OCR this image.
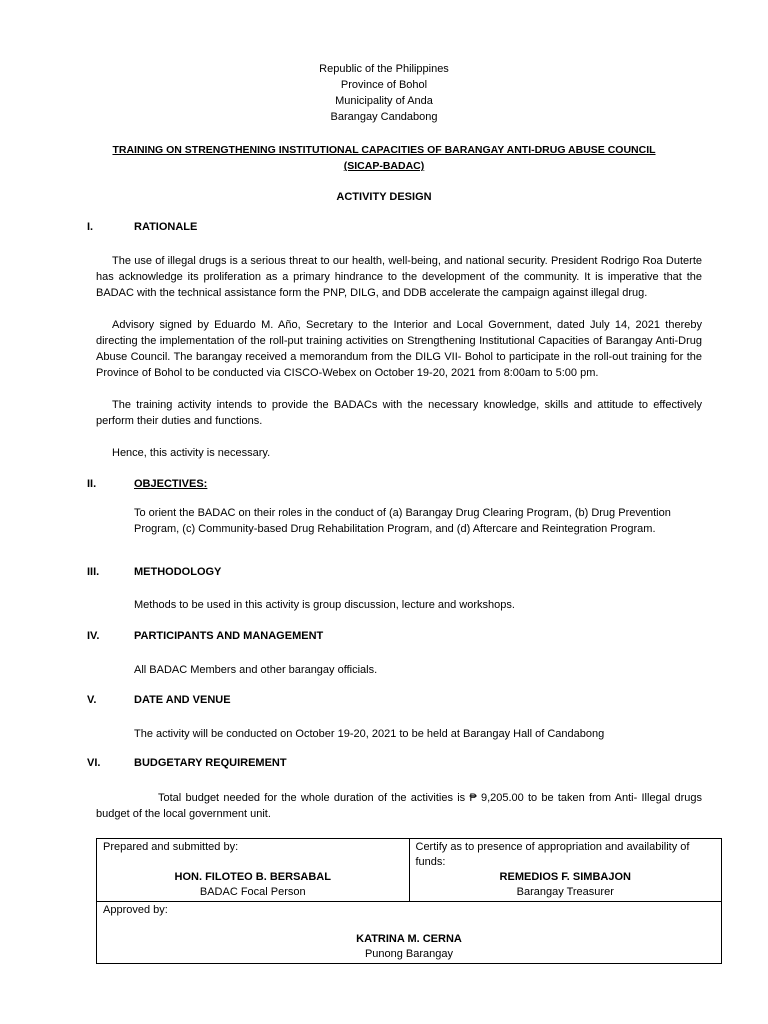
Republic of the Philippines
Province of Bohol
Municipality of Anda
Barangay Candabong
TRAINING ON STRENGTHENING INSTITUTIONAL CAPACITIES OF BARANGAY ANTI-DRUG ABUSE COUNCIL
(SICAP-BADAC)
ACTIVITY DESIGN
I.	RATIONALE

The use of illegal drugs is a serious threat to our health, well-being, and national security. President Rodrigo Roa Duterte has acknowledge its proliferation as a primary hindrance to the development of the community. It is imperative that the BADAC with the technical assistance form the PNP, DILG, and DDB accelerate the campaign against illegal drug.

Advisory signed by Eduardo M. Año, Secretary to the Interior and Local Government, dated July 14, 2021 thereby directing the implementation of the roll-put training activities on Strengthening Institutional Capacities of Barangay Anti-Drug Abuse Council. The barangay received a memorandum from the DILG VII- Bohol to participate in the roll-out training for the Province of Bohol to be conducted via CISCO-Webex on October 19-20, 2021 from 8:00am to 5:00 pm.

The training activity intends to provide the BADACs with the necessary knowledge, skills and attitude to effectively perform their duties and functions.

Hence, this activity is necessary.

II.	OBJECTIVES:
To orient the BADAC on their roles in the conduct of (a) Barangay Drug Clearing Program, (b) Drug Prevention Program, (c) Community-based Drug Rehabilitation Program, and (d) Aftercare and Reintegration Program.
III.	METHODOLOGY
Methods to be used in this activity is group discussion, lecture and workshops.
IV.	PARTICIPANTS AND MANAGEMENT
All BADAC Members and other barangay officials.
V.	DATE AND VENUE
The activity will be conducted on October 19-20, 2021 to be held at Barangay Hall of Candabong
VI.	BUDGETARY REQUIREMENT

Total budget needed for the whole duration of the activities is ₱ 9,205.00 to be taken from Anti- Illegal drugs budget of the local government unit.

Prepared and submitted by:
HON. FILOTEO B. BERSABAL
BADAC Focal Person

Certify as to presence of appropriation and availability of funds:
REMEDIOS F. SIMBAJON
Barangay Treasurer

Approved by:
KATRINA M. CERNA
Punong Barangay
